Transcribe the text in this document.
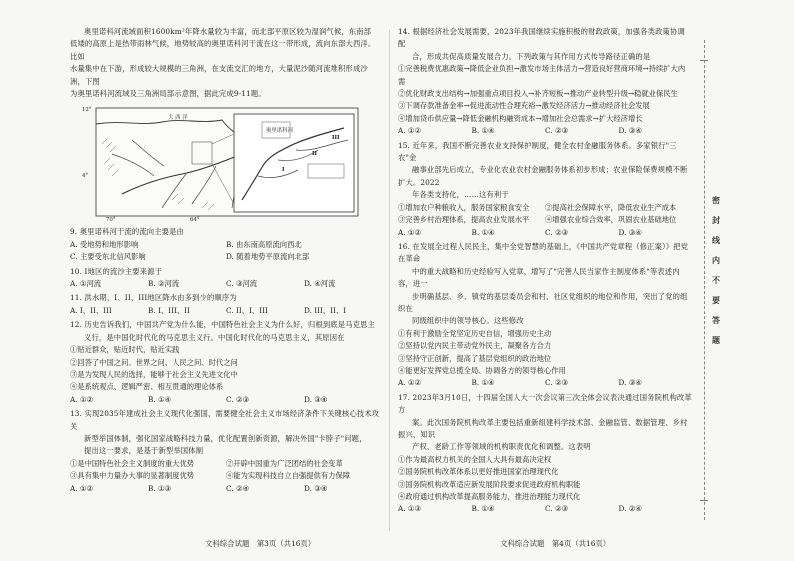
奥里诺科河流域面积1600km²年降水量较为丰富，而北部平原区较为湿润气候，东南部

低矮的高原上是热带雨林气候，地势较高的奥里诺科河干流在这一带形成，流向东部大西洋。比如

水量集中在下游，形成较大规模的三角洲，在支流交汇的地方，大量泥沙随河流堆积形成沙洲，下图

为奥里诺科河流域及三角洲局部示意图，据此完成9-11题。

12°
4°
70°	64°
大 西 洋
奥里诺科河
I
II
III

9. 奥里诺科河干流的流向主要是由

A. 受地势和地形影响	B. 由东南高原流向西北
C. 主要受东北信风影响	D. 随着地势平原流向北部

10. I地区的流沙主要来源于

A. ①河流	B. ②河流	C. ③河流	D. ④河流

11. 洪水期，I、II、III地区降水由多到少的顺序为

A. I、II、III	B. I、III、II	C. II、I、III	D. III、II、I

12. 历史告诉我们，中国共产党为什么能，中国特色社会主义为什么好，归根到底是马克思主

义行，是中国化时代化的马克思主义行。中国化时代化的马克思主义，其原因在

①贴近群众，贴近时代，贴近实践

②回答了中国之问、世界之问、人民之问、时代之问

③是为发现人民的选择，能够于社会主义先进文化中

④是系统观点、逻辑严密、相互贯通的理论体系

A. ①②	B. ①④	C. ②③	D. ③④

13. 实现2035年建成社会主义现代化强国，需要健全社会主义市场经济条件下关键核心技术攻关

新型举国体制，强化国家战略科技力量，优化配置创新资源，解决外国"卡脖子"问题，

提出这一要求，是基于新型举国体制

①是中国特色社会主义制度的重大优势	②开辟中国重为广泛团结的社会变革
③具有集中力量办大事的显著制度优势	④能为实现科技自立自强提供有力保障
A. ①②	B. ①③	C. ②④	D. ③④

14. 根据经济社会发展需要，2023年我国继续实施积极的财政政策，加强各类政策协调配

合，形成共促高质量发展合力。下列政策与其作用方式传导路径正确的是

①完善税费优惠政策→降低企业负担→激发市场主体活力→营造良好营商环境→持续扩大内需

②优化财政支出结构→加强重点项目投入→补齐短板→推动产业转型升级→稳就业保民生

③下调存款准备金率→促进流动性合理充裕→激发经济活力→推动经济社会发展

④增加货币供应量→降低金融机构融资成本→增加社会总需求→扩大经济增长

A. ①②	B. ①④	C. ②③	D. ③④

15. 近年来，我国不断完善农业支持保护制度，健全农村金融服务体系。多家银行"三农"金

融事业部先后成立，专业化农业农村金融服务体系初步形成；农业保险保费规模不断扩大。2022

年各类支持化，……这有利于

①增加农户种粮收入，服务国家粮食安全	②提高社会保障水平，降低农业生产成本
③完善乡村治理体系，提高农业发展水平	④增强农业综合效率，巩固农业基础地位
A. ①②	B. ①④	C. ②③	D. ③④

16. 在发展全过程人民民主，集中全党智慧的基础上，《中国共产党章程（修正案）》把党在革命

中的重大战略和历史经验写入党章，增写了"完善人民当家作主制度体系"等表述内容，进一

步明确基层、乡、镇党的基层委员会和村、社区党组织的地位和作用，突出了党的组织在

同级组织中的领导核心。这些修改

①有利于激励全党坚定历史自信，增强历史主动

②坚持以党内民主带动党外民主，凝聚各方合力

③坚持守正创新，提高了基层党组织的政治地位

④能更好发挥党总揽全局、协调各方的领导核心作用

A. ①②	B. ①④	C. ②③	D. ③④

17. 2023年3月10日，十四届全国人大一次会议第三次全体会议表决通过国务院机构改革方

案。此次国务院机构改革主要包括重新组建科学技术部、金融监管、数据管理、乡村振兴、知识

产权、老龄工作等领域的机构职责优化和调整。这表明

①作为最高权力机关的全国人大具有最高决定权

②国务院机构改革体系以更好推进国家治理现代化

③国务院机构改革适应新发展阶段要求促进政府机构职能

④政府通过机构改革提高服务能力，推进治理能力现代化

A. ①③	B. ①④	C. ②③	D. ②④
文科综合试题　第3页（共16页）	文科综合试题　第4页（共16页）
密　封　线　内　不　要　答　题
